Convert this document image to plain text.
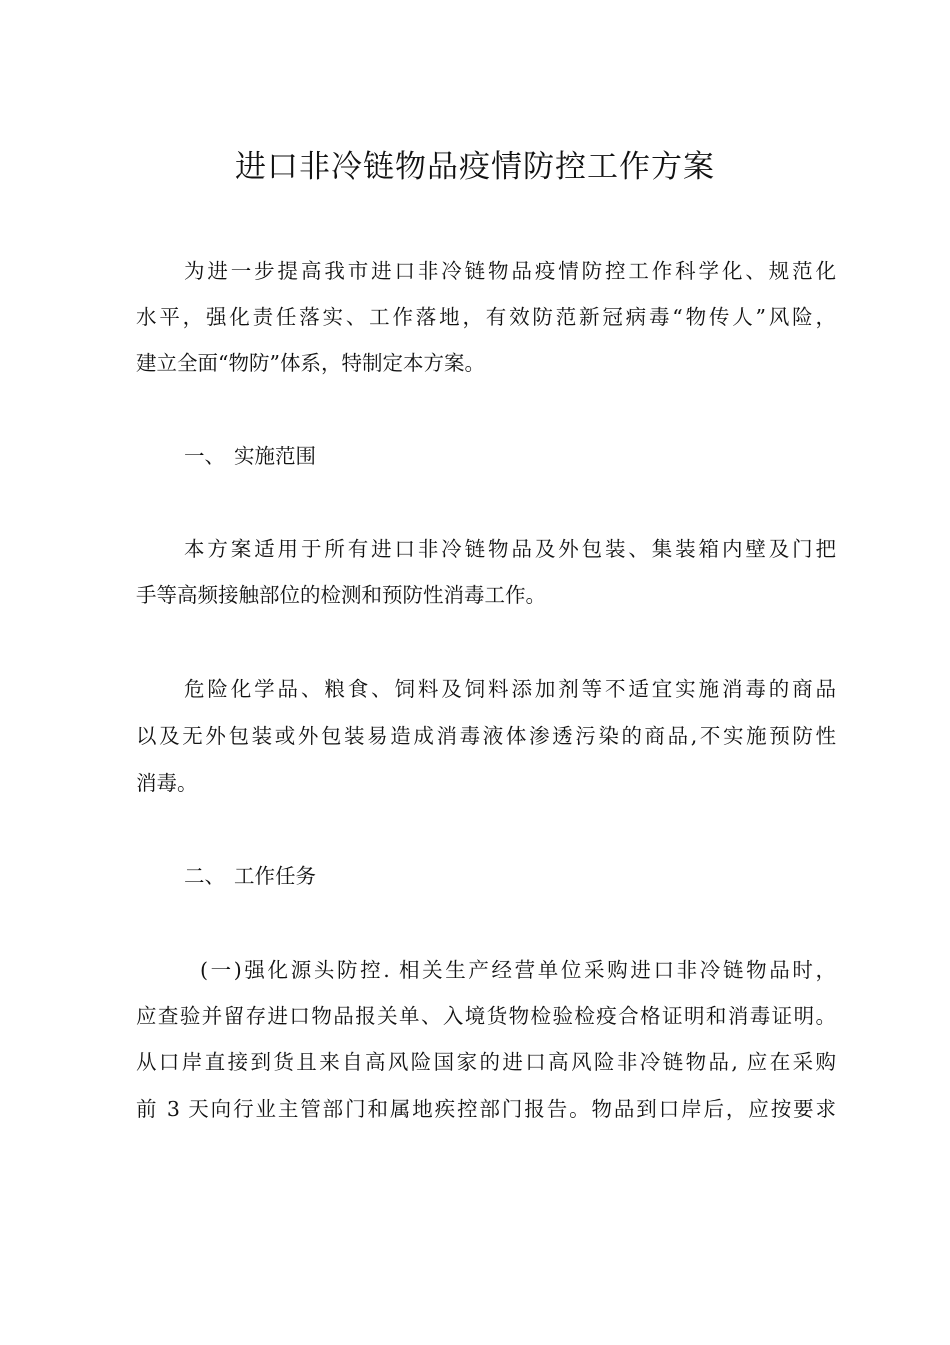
进口非冷链物品疫情防控工作方案

为进一步提高我市进口非冷链物品疫情防控工作科学化、规范化

水平，强化责任落实、工作落地，有效防范新冠病毒“物传人”风险，

建立全面“物防”体系，特制定本方案。

一、 实施范围

本方案适用于所有进口非冷链物品及外包装、集装箱内壁及门把

手等高频接触部位的检测和预防性消毒工作。

危险化学品、粮食、饲料及饲料添加剂等不适宜实施消毒的商品

以及无外包装或外包装易造成消毒液体渗透污染的商品,不实施预防性

消毒。

二、 工作任务

(一)强化源头防控. 相关生产经营单位采购进口非冷链物品时，

应查验并留存进口物品报关单、入境货物检验检疫合格证明和消毒证明。

从口岸直接到货且来自高风险国家的进口高风险非冷链物品, 应在采购

前 3 天向行业主管部门和属地疾控部门报告。物品到口岸后，应按要求
